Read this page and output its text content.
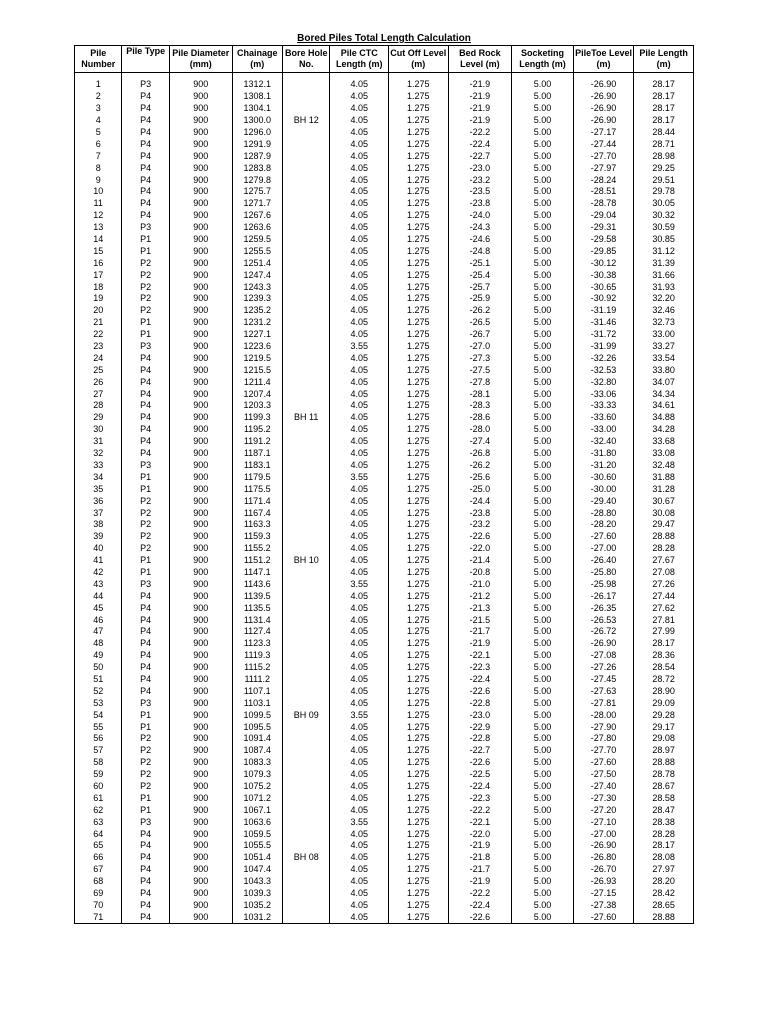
Bored Piles Total Length Calculation
Pile Number	Pile Type	Pile Diameter (mm)	Chainage (m)	Bore Hole No.	Pile CTC Length (m)	Cut Off Level (m)	Bed Rock Level (m)	Socketing Length (m)	PileToe Level (m)	Pile Length (m)

1	P3	900	1312.1		4.05	1.275	-21.9	5.00	-26.90	28.17
2	P4	900	1308.1		4.05	1.275	-21.9	5.00	-26.90	28.17
3	P4	900	1304.1		4.05	1.275	-21.9	5.00	-26.90	28.17
4	P4	900	1300.0	BH 12	4.05	1.275	-21.9	5.00	-26.90	28.17
5	P4	900	1296.0		4.05	1.275	-22.2	5.00	-27.17	28.44
6	P4	900	1291.9		4.05	1.275	-22.4	5.00	-27.44	28.71
7	P4	900	1287.9		4.05	1.275	-22.7	5.00	-27.70	28.98
8	P4	900	1283.8		4.05	1.275	-23.0	5.00	-27.97	29.25
9	P4	900	1279.8		4.05	1.275	-23.2	5.00	-28.24	29.51
10	P4	900	1275.7		4.05	1.275	-23.5	5.00	-28.51	29.78
11	P4	900	1271.7		4.05	1.275	-23.8	5.00	-28.78	30.05
12	P4	900	1267.6		4.05	1.275	-24.0	5.00	-29.04	30.32
13	P3	900	1263.6		4.05	1.275	-24.3	5.00	-29.31	30.59
14	P1	900	1259.5		4.05	1.275	-24.6	5.00	-29.58	30.85
15	P1	900	1255.5		4.05	1.275	-24.8	5.00	-29.85	31.12
16	P2	900	1251.4		4.05	1.275	-25.1	5.00	-30.12	31.39
17	P2	900	1247.4		4.05	1.275	-25.4	5.00	-30.38	31.66
18	P2	900	1243.3		4.05	1.275	-25.7	5.00	-30.65	31.93
19	P2	900	1239.3		4.05	1.275	-25.9	5.00	-30.92	32.20
20	P2	900	1235.2		4.05	1.275	-26.2	5.00	-31.19	32.46
21	P1	900	1231.2		4.05	1.275	-26.5	5.00	-31.46	32.73
22	P1	900	1227.1		4.05	1.275	-26.7	5.00	-31.72	33.00
23	P3	900	1223.6		3.55	1.275	-27.0	5.00	-31.99	33.27
24	P4	900	1219.5		4.05	1.275	-27.3	5.00	-32.26	33.54
25	P4	900	1215.5		4.05	1.275	-27.5	5.00	-32.53	33.80
26	P4	900	1211.4		4.05	1.275	-27.8	5.00	-32.80	34.07
27	P4	900	1207.4		4.05	1.275	-28.1	5.00	-33.06	34.34
28	P4	900	1203.3		4.05	1.275	-28.3	5.00	-33.33	34.61
29	P4	900	1199.3	BH 11	4.05	1.275	-28.6	5.00	-33.60	34.88
30	P4	900	1195.2		4.05	1.275	-28.0	5.00	-33.00	34.28
31	P4	900	1191.2		4.05	1.275	-27.4	5.00	-32.40	33.68
32	P4	900	1187.1		4.05	1.275	-26.8	5.00	-31.80	33.08
33	P3	900	1183.1		4.05	1.275	-26.2	5.00	-31.20	32.48
34	P1	900	1179.5		3.55	1.275	-25.6	5.00	-30.60	31.88
35	P1	900	1175.5		4.05	1.275	-25.0	5.00	-30.00	31.28
36	P2	900	1171.4		4.05	1.275	-24.4	5.00	-29.40	30.67
37	P2	900	1167.4		4.05	1.275	-23.8	5.00	-28.80	30.08
38	P2	900	1163.3		4.05	1.275	-23.2	5.00	-28.20	29.47
39	P2	900	1159.3		4.05	1.275	-22.6	5.00	-27.60	28.88
40	P2	900	1155.2		4.05	1.275	-22.0	5.00	-27.00	28.28
41	P1	900	1151.2	BH 10	4.05	1.275	-21.4	5.00	-26.40	27.67
42	P1	900	1147.1		4.05	1.275	-20.8	5.00	-25.80	27.08
43	P3	900	1143.6		3.55	1.275	-21.0	5.00	-25.98	27.26
44	P4	900	1139.5		4.05	1.275	-21.2	5.00	-26.17	27.44
45	P4	900	1135.5		4.05	1.275	-21.3	5.00	-26.35	27.62
46	P4	900	1131.4		4.05	1.275	-21.5	5.00	-26.53	27.81
47	P4	900	1127.4		4.05	1.275	-21.7	5.00	-26.72	27.99
48	P4	900	1123.3		4.05	1.275	-21.9	5.00	-26.90	28.17
49	P4	900	1119.3		4.05	1.275	-22.1	5.00	-27.08	28.36
50	P4	900	1115.2		4.05	1.275	-22.3	5.00	-27.26	28.54
51	P4	900	1111.2		4.05	1.275	-22.4	5.00	-27.45	28.72
52	P4	900	1107.1		4.05	1.275	-22.6	5.00	-27.63	28.90
53	P3	900	1103.1		4.05	1.275	-22.8	5.00	-27.81	29.09
54	P1	900	1099.5	BH 09	3.55	1.275	-23.0	5.00	-28.00	29.28
55	P1	900	1095.5		4.05	1.275	-22.9	5.00	-27.90	29.17
56	P2	900	1091.4		4.05	1.275	-22.8	5.00	-27.80	29.08
57	P2	900	1087.4		4.05	1.275	-22.7	5.00	-27.70	28.97
58	P2	900	1083.3		4.05	1.275	-22.6	5.00	-27.60	28.88
59	P2	900	1079.3		4.05	1.275	-22.5	5.00	-27.50	28.78
60	P2	900	1075.2		4.05	1.275	-22.4	5.00	-27.40	28.67
61	P1	900	1071.2		4.05	1.275	-22.3	5.00	-27.30	28.58
62	P1	900	1067.1		4.05	1.275	-22.2	5.00	-27.20	28.47
63	P3	900	1063.6		3.55	1.275	-22.1	5.00	-27.10	28.38
64	P4	900	1059.5		4.05	1.275	-22.0	5.00	-27.00	28.28
65	P4	900	1055.5		4.05	1.275	-21.9	5.00	-26.90	28.17
66	P4	900	1051.4	BH 08	4.05	1.275	-21.8	5.00	-26.80	28.08
67	P4	900	1047.4		4.05	1.275	-21.7	5.00	-26.70	27.97
68	P4	900	1043.3		4.05	1.275	-21.9	5.00	-26.93	28.20
69	P4	900	1039.3		4.05	1.275	-22.2	5.00	-27.15	28.42
70	P4	900	1035.2		4.05	1.275	-22.4	5.00	-27.38	28.65
71	P4	900	1031.2		4.05	1.275	-22.6	5.00	-27.60	28.88
